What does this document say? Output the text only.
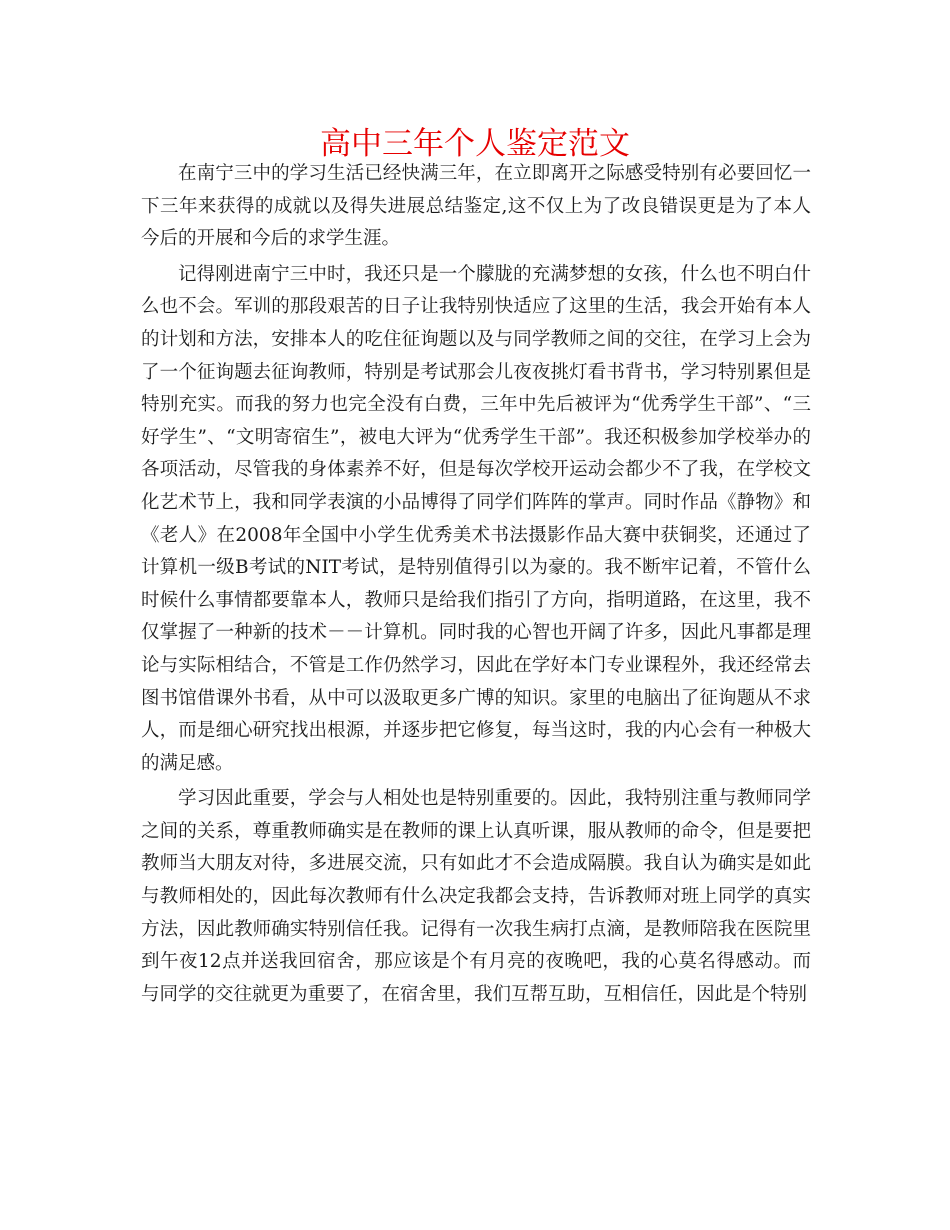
高中三年个人鉴定范文

在南宁三中的学习生活已经快满三年，在立即离开之际感受特别有必要回忆一下三年来获得的成就以及得失进展总结鉴定,这不仅上为了改良错误更是为了本人今后的开展和今后的求学生涯。

记得刚进南宁三中时，我还只是一个朦胧的充满梦想的女孩，什么也不明白什么也不会。军训的那段艰苦的日子让我特别快适应了这里的生活，我会开始有本人的计划和方法，安排本人的吃住征询题以及与同学教师之间的交往，在学习上会为了一个征询题去征询教师，特别是考试那会儿夜夜挑灯看书背书，学习特别累但是特别充实。而我的努力也完全没有白费，三年中先后被评为“优秀学生干部”、“三好学生”、“文明寄宿生”，被电大评为“优秀学生干部”。我还积极参加学校举办的各项活动，尽管我的身体素养不好，但是每次学校开运动会都少不了我，在学校文化艺术节上，我和同学表演的小品博得了同学们阵阵的掌声。同时作品《静物》和《老人》在2008年全国中小学生优秀美术书法摄影作品大赛中获铜奖，还通过了计算机一级B考试的NIT考试，是特别值得引以为豪的。我不断牢记着，不管什么时候什么事情都要靠本人，教师只是给我们指引了方向，指明道路，在这里，我不仅掌握了一种新的技术－－计算机。同时我的心智也开阔了许多，因此凡事都是理论与实际相结合，不管是工作仍然学习，因此在学好本门专业课程外，我还经常去图书馆借课外书看，从中可以汲取更多广博的知识。家里的电脑出了征询题从不求人，而是细心研究找出根源，并逐步把它修复，每当这时，我的内心会有一种极大的满足感。

学习因此重要，学会与人相处也是特别重要的。因此，我特别注重与教师同学之间的关系，尊重教师确实是在教师的课上认真听课，服从教师的命令，但是要把教师当大朋友对待，多进展交流，只有如此才不会造成隔膜。我自认为确实是如此与教师相处的，因此每次教师有什么决定我都会支持，告诉教师对班上同学的真实方法，因此教师确实特别信任我。记得有一次我生病打点滴，是教师陪我在医院里到午夜12点并送我回宿舍，那应该是个有月亮的夜晚吧，我的心莫名得感动。而与同学的交往就更为重要了，在宿舍里，我们互帮互助，互相信任，因此是个特别
